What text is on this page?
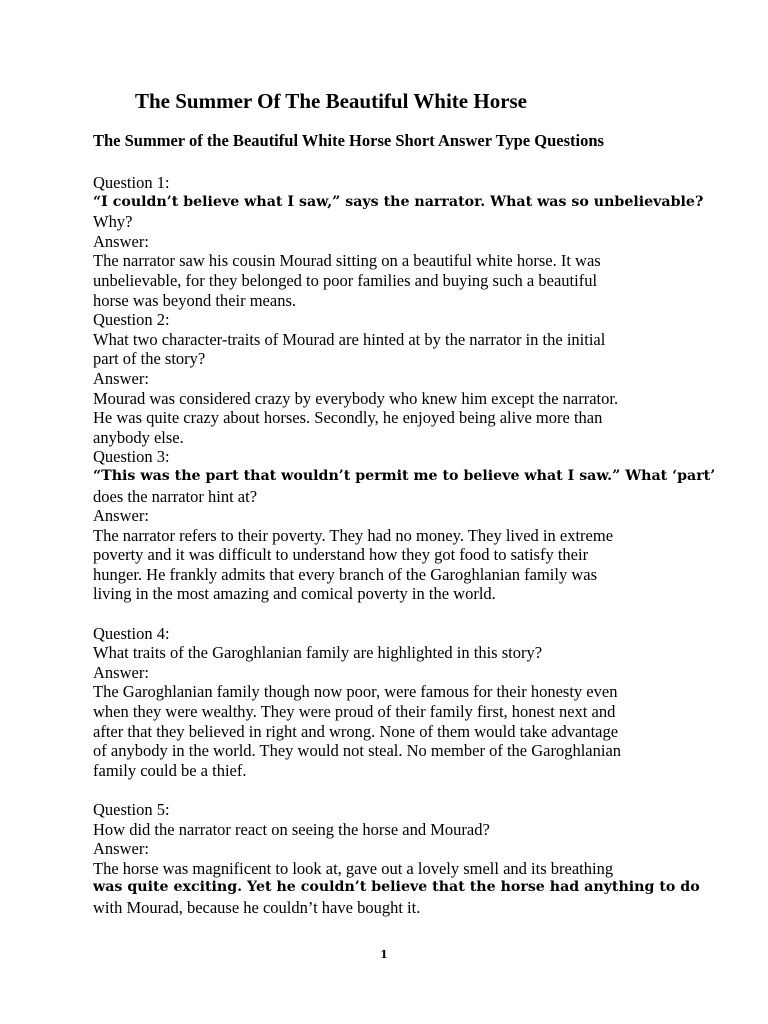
The Summer Of The Beautiful White Horse
The Summer of the Beautiful White Horse Short Answer Type Questions
Question 1:
“I couldn’t believe what I saw,” says the narrator. What was so unbelievable?
Why?
Answer:
The narrator saw his cousin Mourad sitting on a beautiful white horse. It was
unbelievable, for they belonged to poor families and buying such a beautiful
horse was beyond their means.
Question 2:
What two character-traits of Mourad are hinted at by the narrator in the initial
part of the story?
Answer:
Mourad was considered crazy by everybody who knew him except the narrator.
He was quite crazy about horses. Secondly, he enjoyed being alive more than
anybody else.
Question 3:
“This was the part that wouldn’t permit me to believe what I saw.” What ‘part’
does the narrator hint at?
Answer:
The narrator refers to their poverty. They had no money. They lived in extreme
poverty and it was difficult to understand how they got food to satisfy their
hunger. He frankly admits that every branch of the Garoghlanian family was
living in the most amazing and comical poverty in the world.
Question 4:
What traits of the Garoghlanian family are highlighted in this story?
Answer:
The Garoghlanian family though now poor, were famous for their honesty even
when they were wealthy. They were proud of their family first, honest next and
after that they believed in right and wrong. None of them would take advantage
of anybody in the world. They would not steal. No member of the Garoghlanian
family could be a thief.
Question 5:
How did the narrator react on seeing the horse and Mourad?
Answer:
The horse was magnificent to look at, gave out a lovely smell and its breathing
was quite exciting. Yet he couldn’t believe that the horse had anything to do
with Mourad, because he couldn’t have bought it.
1
